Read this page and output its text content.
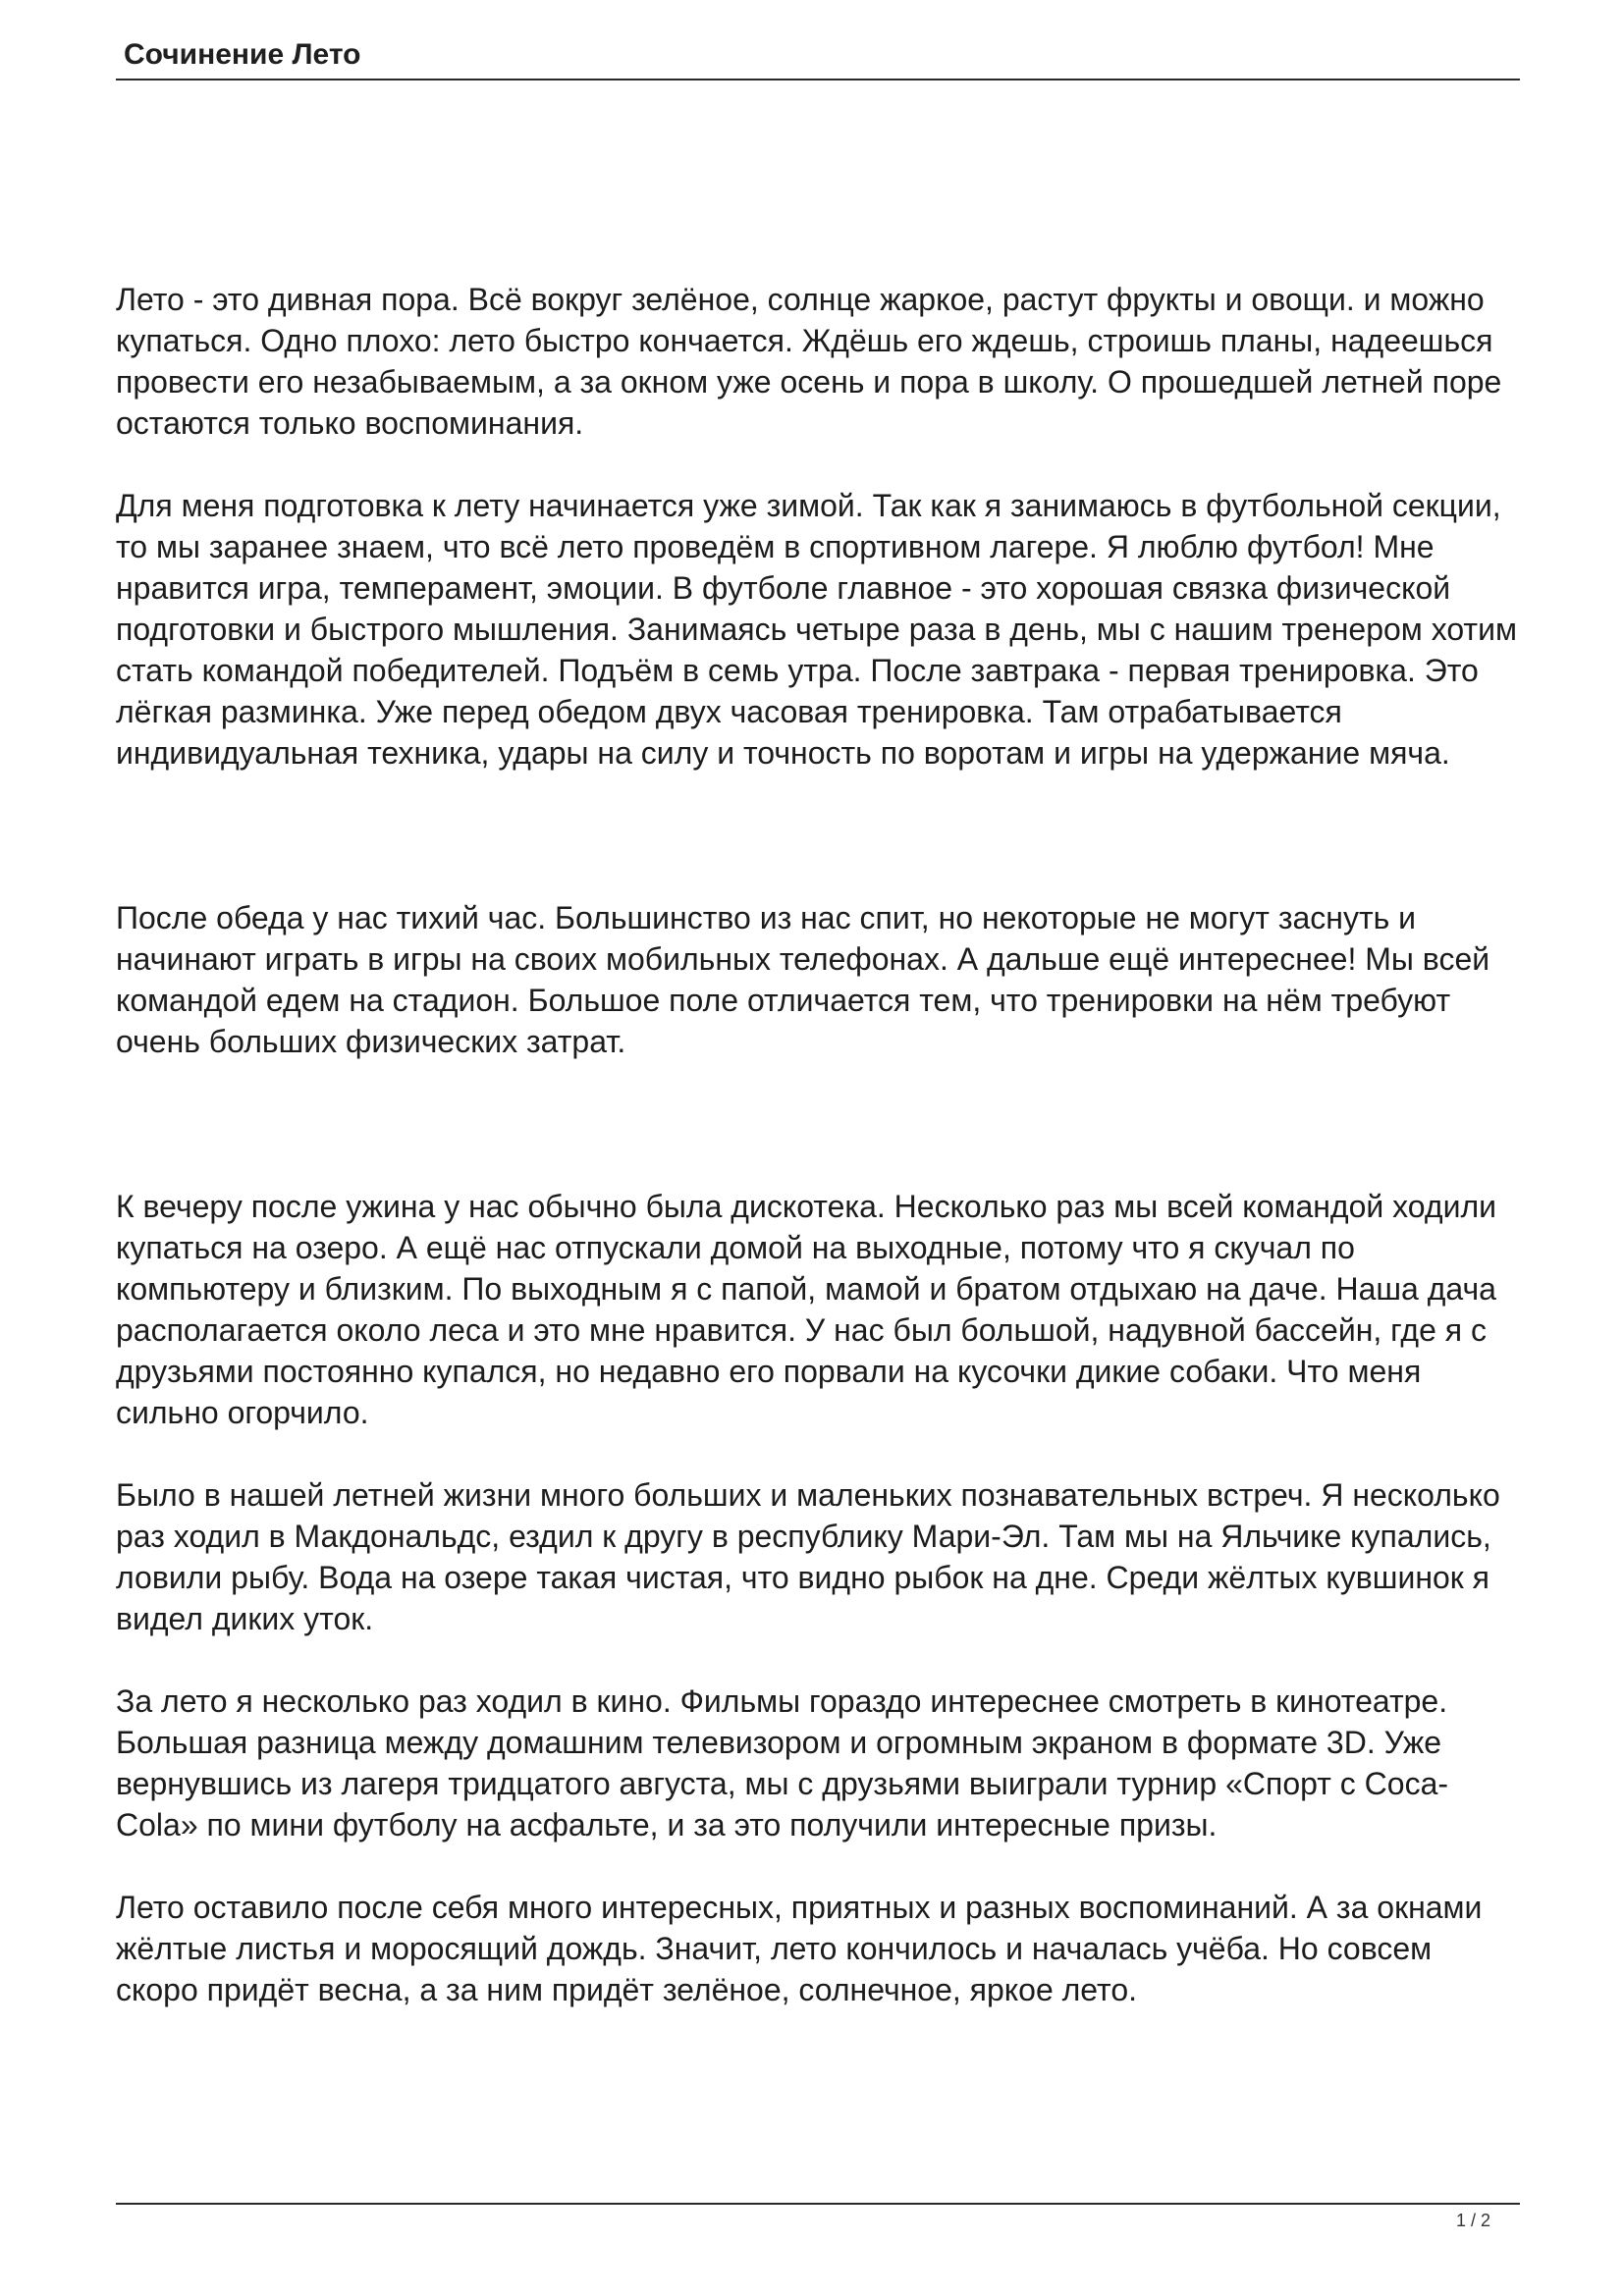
Сочинение Лето

Лето - это дивная пора. Всё вокруг зелёное, солнце жаркое, растут фрукты и овощи. и можно купаться. Одно плохо: лето быстро кончается. Ждёшь его ждешь, строишь планы, надеешься провести его незабываемым, а за окном уже осень и пора в школу. О прошедшей летней поре остаются только воспоминания.

Для меня подготовка к лету начинается уже зимой. Так как я занимаюсь в футбольной секции, то мы заранее знаем, что всё лето проведём в спортивном лагере. Я люблю футбол! Мне нравится игра, темперамент, эмоции. В футболе главное - это хорошая связка физической подготовки и быстрого мышления. Занимаясь четыре раза в день, мы с нашим тренером хотим стать командой победителей. Подъём в семь утра. После завтрака - первая тренировка. Это лёгкая разминка. Уже перед обедом двух часовая тренировка. Там отрабатывается индивидуальная техника, удары на силу и точность по воротам и игры на удержание мяча.

После обеда у нас тихий час. Большинство из нас спит, но некоторые не могут заснуть и начинают играть в игры на своих мобильных телефонах. А дальше ещё интереснее! Мы всей командой едем на стадион. Большое поле отличается тем, что тренировки на нём требуют очень больших физических затрат.

К вечеру после ужина у нас обычно была дискотека. Несколько раз мы всей командой ходили купаться на озеро. А ещё нас отпускали домой на выходные, потому что я скучал по компьютеру и близким. По выходным я с папой, мамой и братом отдыхаю на даче. Наша дача располагается около леса и это мне нравится. У нас был большой, надувной бассейн, где я с друзьями постоянно купался, но недавно его порвали на кусочки дикие собаки. Что меня сильно огорчило.

Было в нашей летней жизни много больших и маленьких познавательных встреч. Я несколько раз ходил в Макдональдс, ездил к другу в республику Мари-Эл. Там мы на Яльчике купались, ловили рыбу. Вода на озере такая чистая, что видно рыбок на дне. Среди жёлтых кувшинок я видел диких уток.

За лето я несколько раз ходил в кино. Фильмы гораздо интереснее смотреть в кинотеатре. Большая разница между домашним телевизором и огромным экраном в формате 3D. Уже вернувшись из лагеря тридцатого августа, мы с друзьями выиграли турнир «Спорт с Coca-Cola» по мини футболу на асфальте, и за это получили интересные призы.

Лето оставило после себя много интересных, приятных и разных воспоминаний. А за окнами жёлтые листья и моросящий дождь. Значит, лето кончилось и началась учёба. Но совсем скоро придёт весна, а за ним придёт зелёное, солнечное, яркое лето.

1 / 2
